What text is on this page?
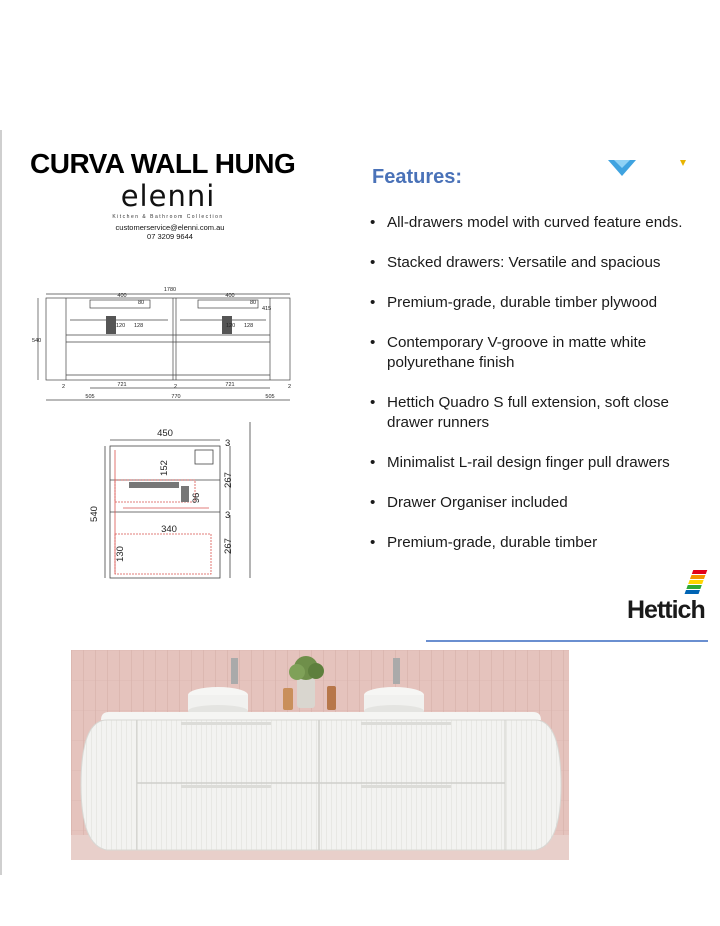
CURVA WALL HUNG
elenni
Kitchen & Bathroom Collection
customerservice@elenni.com.au
07 3209 9644
Features:
• All-drawers model with curved feature ends.
• Stacked drawers: Versatile and spacious
• Premium-grade, durable timber plywood
• Contemporary V-groove in matte white polyurethane finish
• Hettich Quadro S full extension, soft close drawer runners
• Minimalist L-rail design finger pull drawers
• Drawer Organiser included
• Premium-grade, durable timber
Hettich
1780
400	400
80	80
415
120	120
128	128
540
721	721
2	2	2
505	770	505
450
3
152
96
267
3
540
340
130
267
